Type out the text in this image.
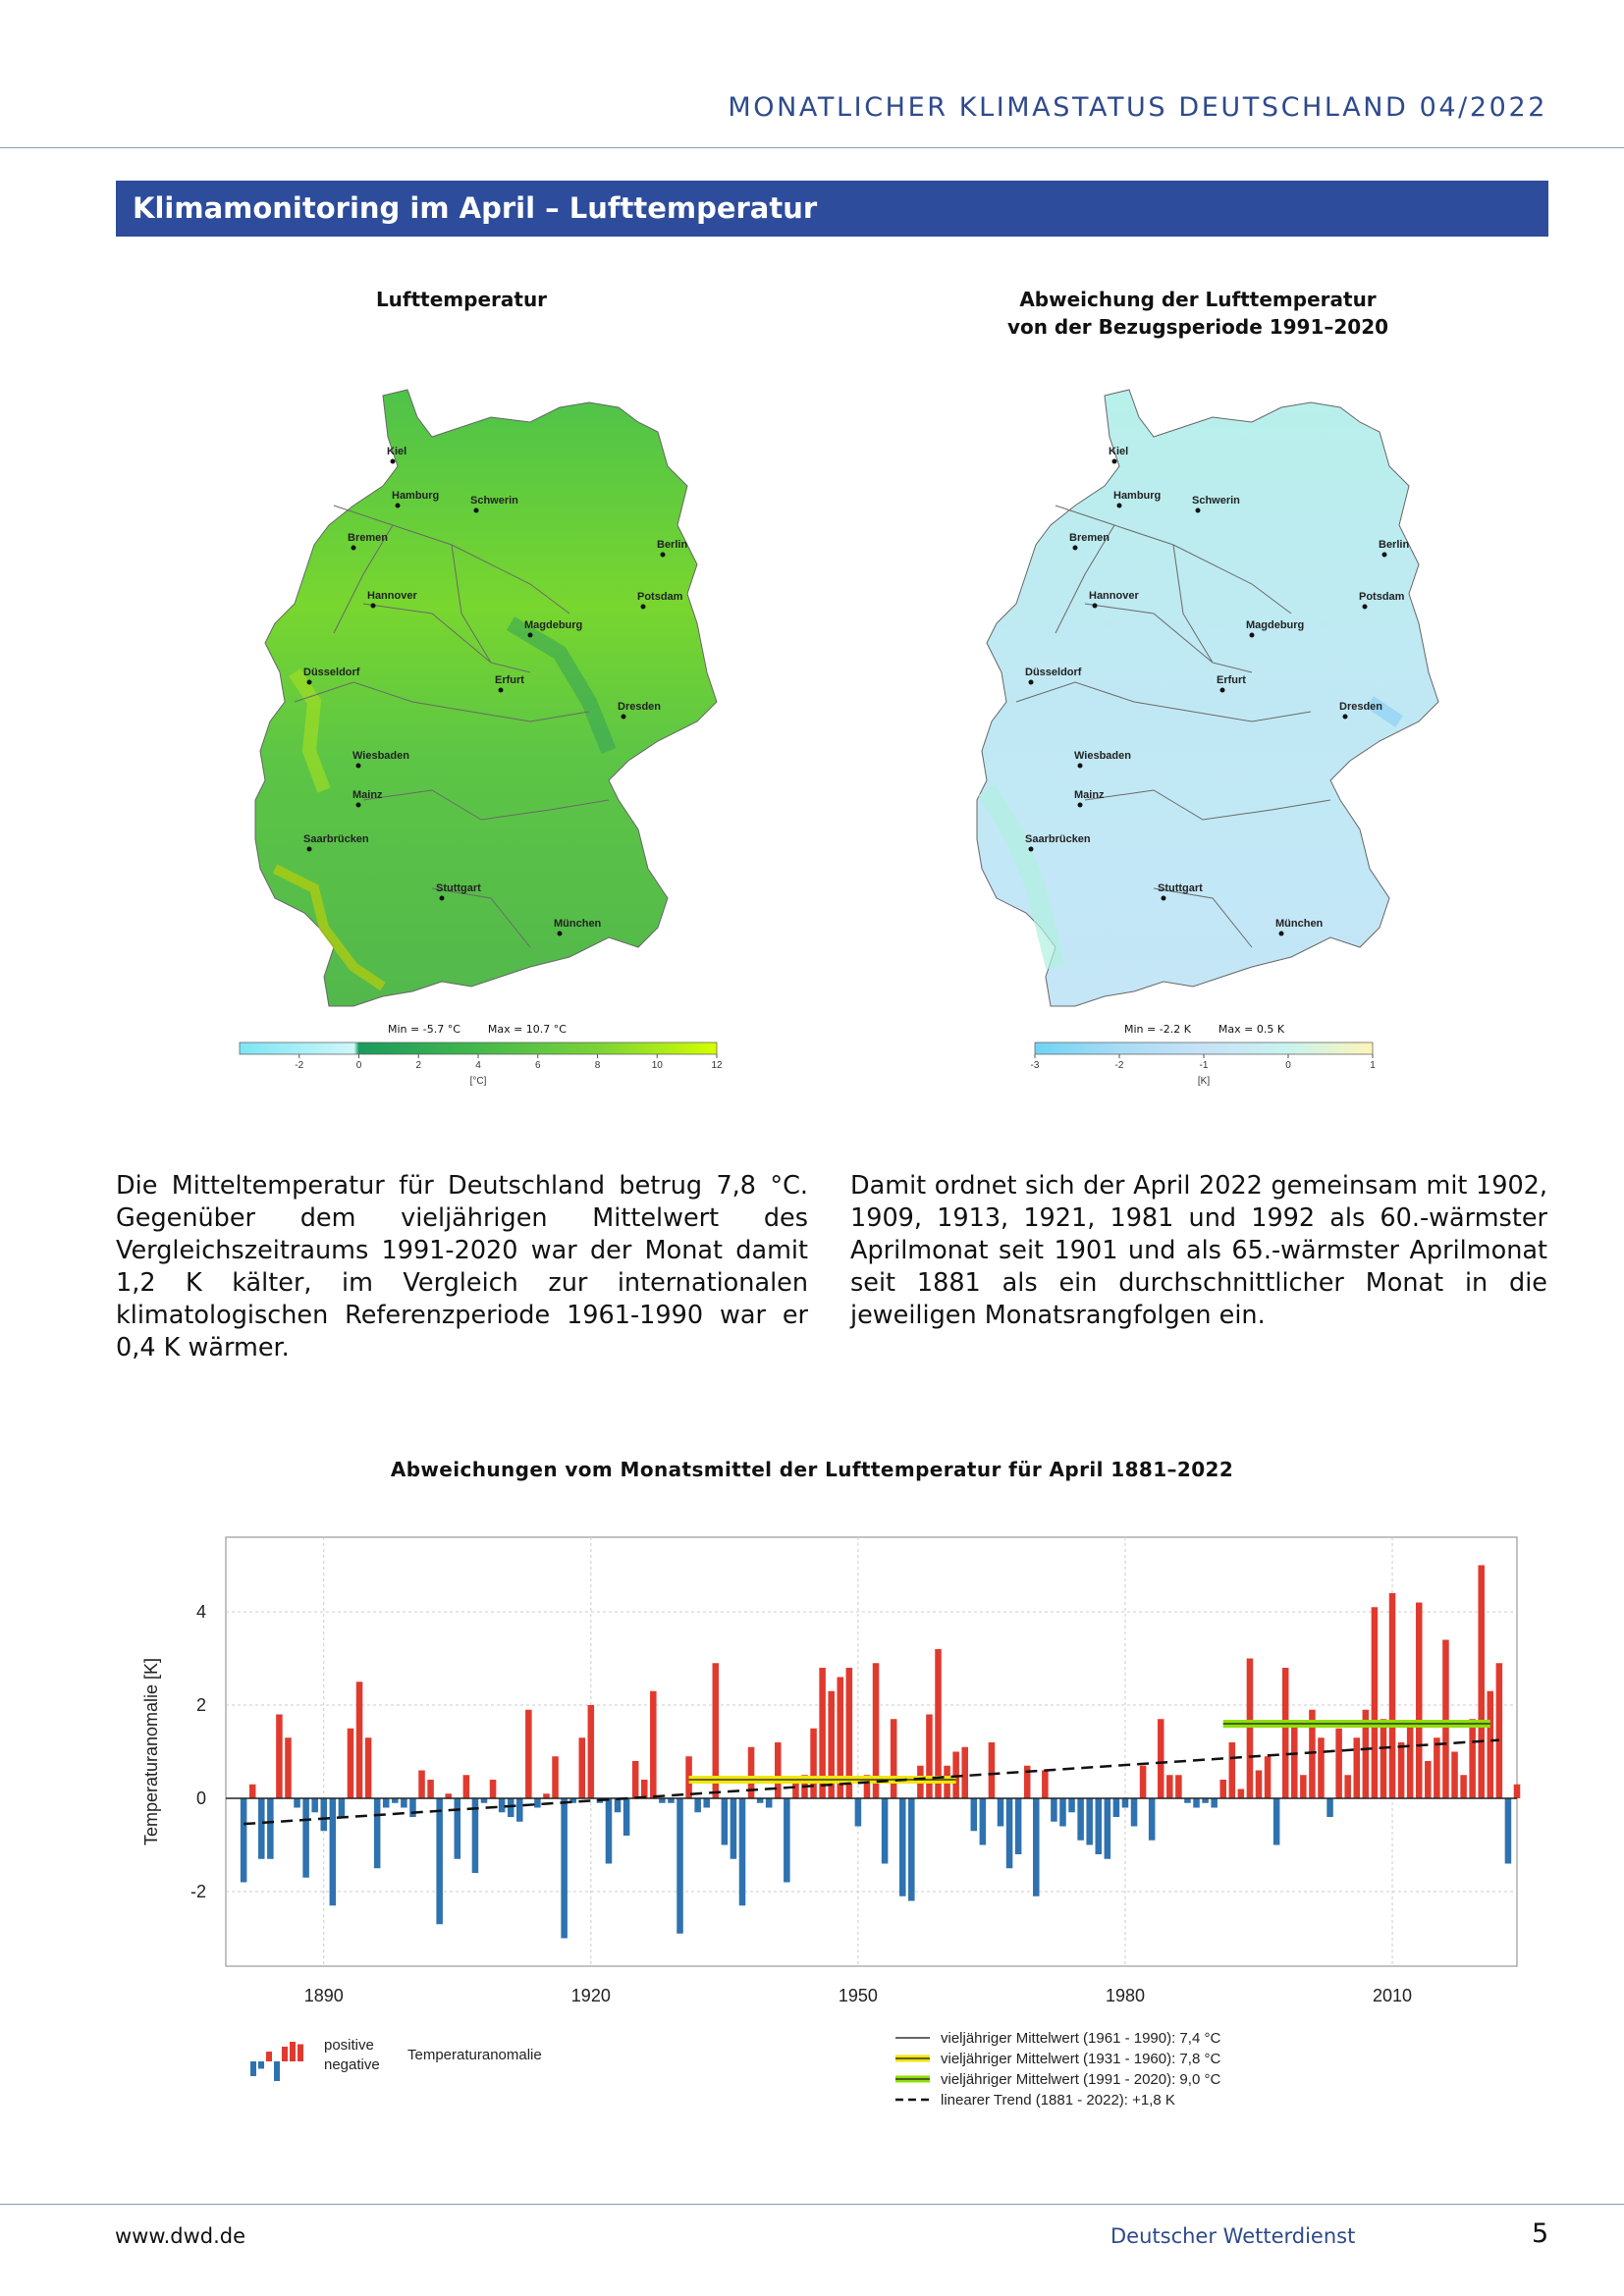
MONATLICHER KLIMASTATUS DEUTSCHLAND 04/2022
Klimamonitoring im April – Lufttemperatur
Lufttemperatur
Kiel
Hamburg	Schwerin
Bremen
Berlin
Hannover	Potsdam
Magdeburg
Düsseldorf
Erfurt
Dresden
Wiesbaden
Mainz
Saarbrücken
Stuttgart
München
Min = -5.7 °C        Max = 10.7 °C
-2	0	2	4	6	8	10	12
[°C]
Abweichung der Lufttemperatur
von der Bezugsperiode 1991–2020
Kiel
Hamburg	Schwerin
Bremen
Berlin
Hannover	Potsdam
Magdeburg
Düsseldorf
Erfurt
Dresden
Wiesbaden
Mainz
Saarbrücken
Stuttgart
München
Min = -2.2 K        Max = 0.5 K
-3	-2	-1	0	1
[K]
Die Mitteltemperatur für Deutschland betrug 7,8 °C. Gegenüber dem vieljährigen Mittelwert des Vergleichszeitraums 1991-2020 war der Monat damit 1,2 K kälter, im Vergleich zur internationalen klimatologischen Referenzperiode 1961-1990 war er 0,4 K wärmer.
Damit ordnet sich der April 2022 gemeinsam mit 1902, 1909, 1913, 1921, 1981 und 1992 als 60.-wärmster Aprilmonat seit 1901 und als 65.-wärmster Aprilmonat seit 1881 als ein durchschnittlicher Monat in die jeweiligen Monatsrangfolgen ein.
Abweichungen vom Monatsmittel der Lufttemperatur für April 1881–2022
1890	1920	1950	1980	2010
-2
0
2
4
Temperaturanomalie [K]
positive
negative
Temperaturanomalie
vieljähriger Mittelwert (1961 - 1990): 7,4 °C
vieljähriger Mittelwert (1931 - 1960): 7,8 °C
vieljähriger Mittelwert (1991 - 2020): 9,0 °C
linearer Trend (1881 - 2022): +1,8 K
www.dwd.de	Deutscher Wetterdienst	5
